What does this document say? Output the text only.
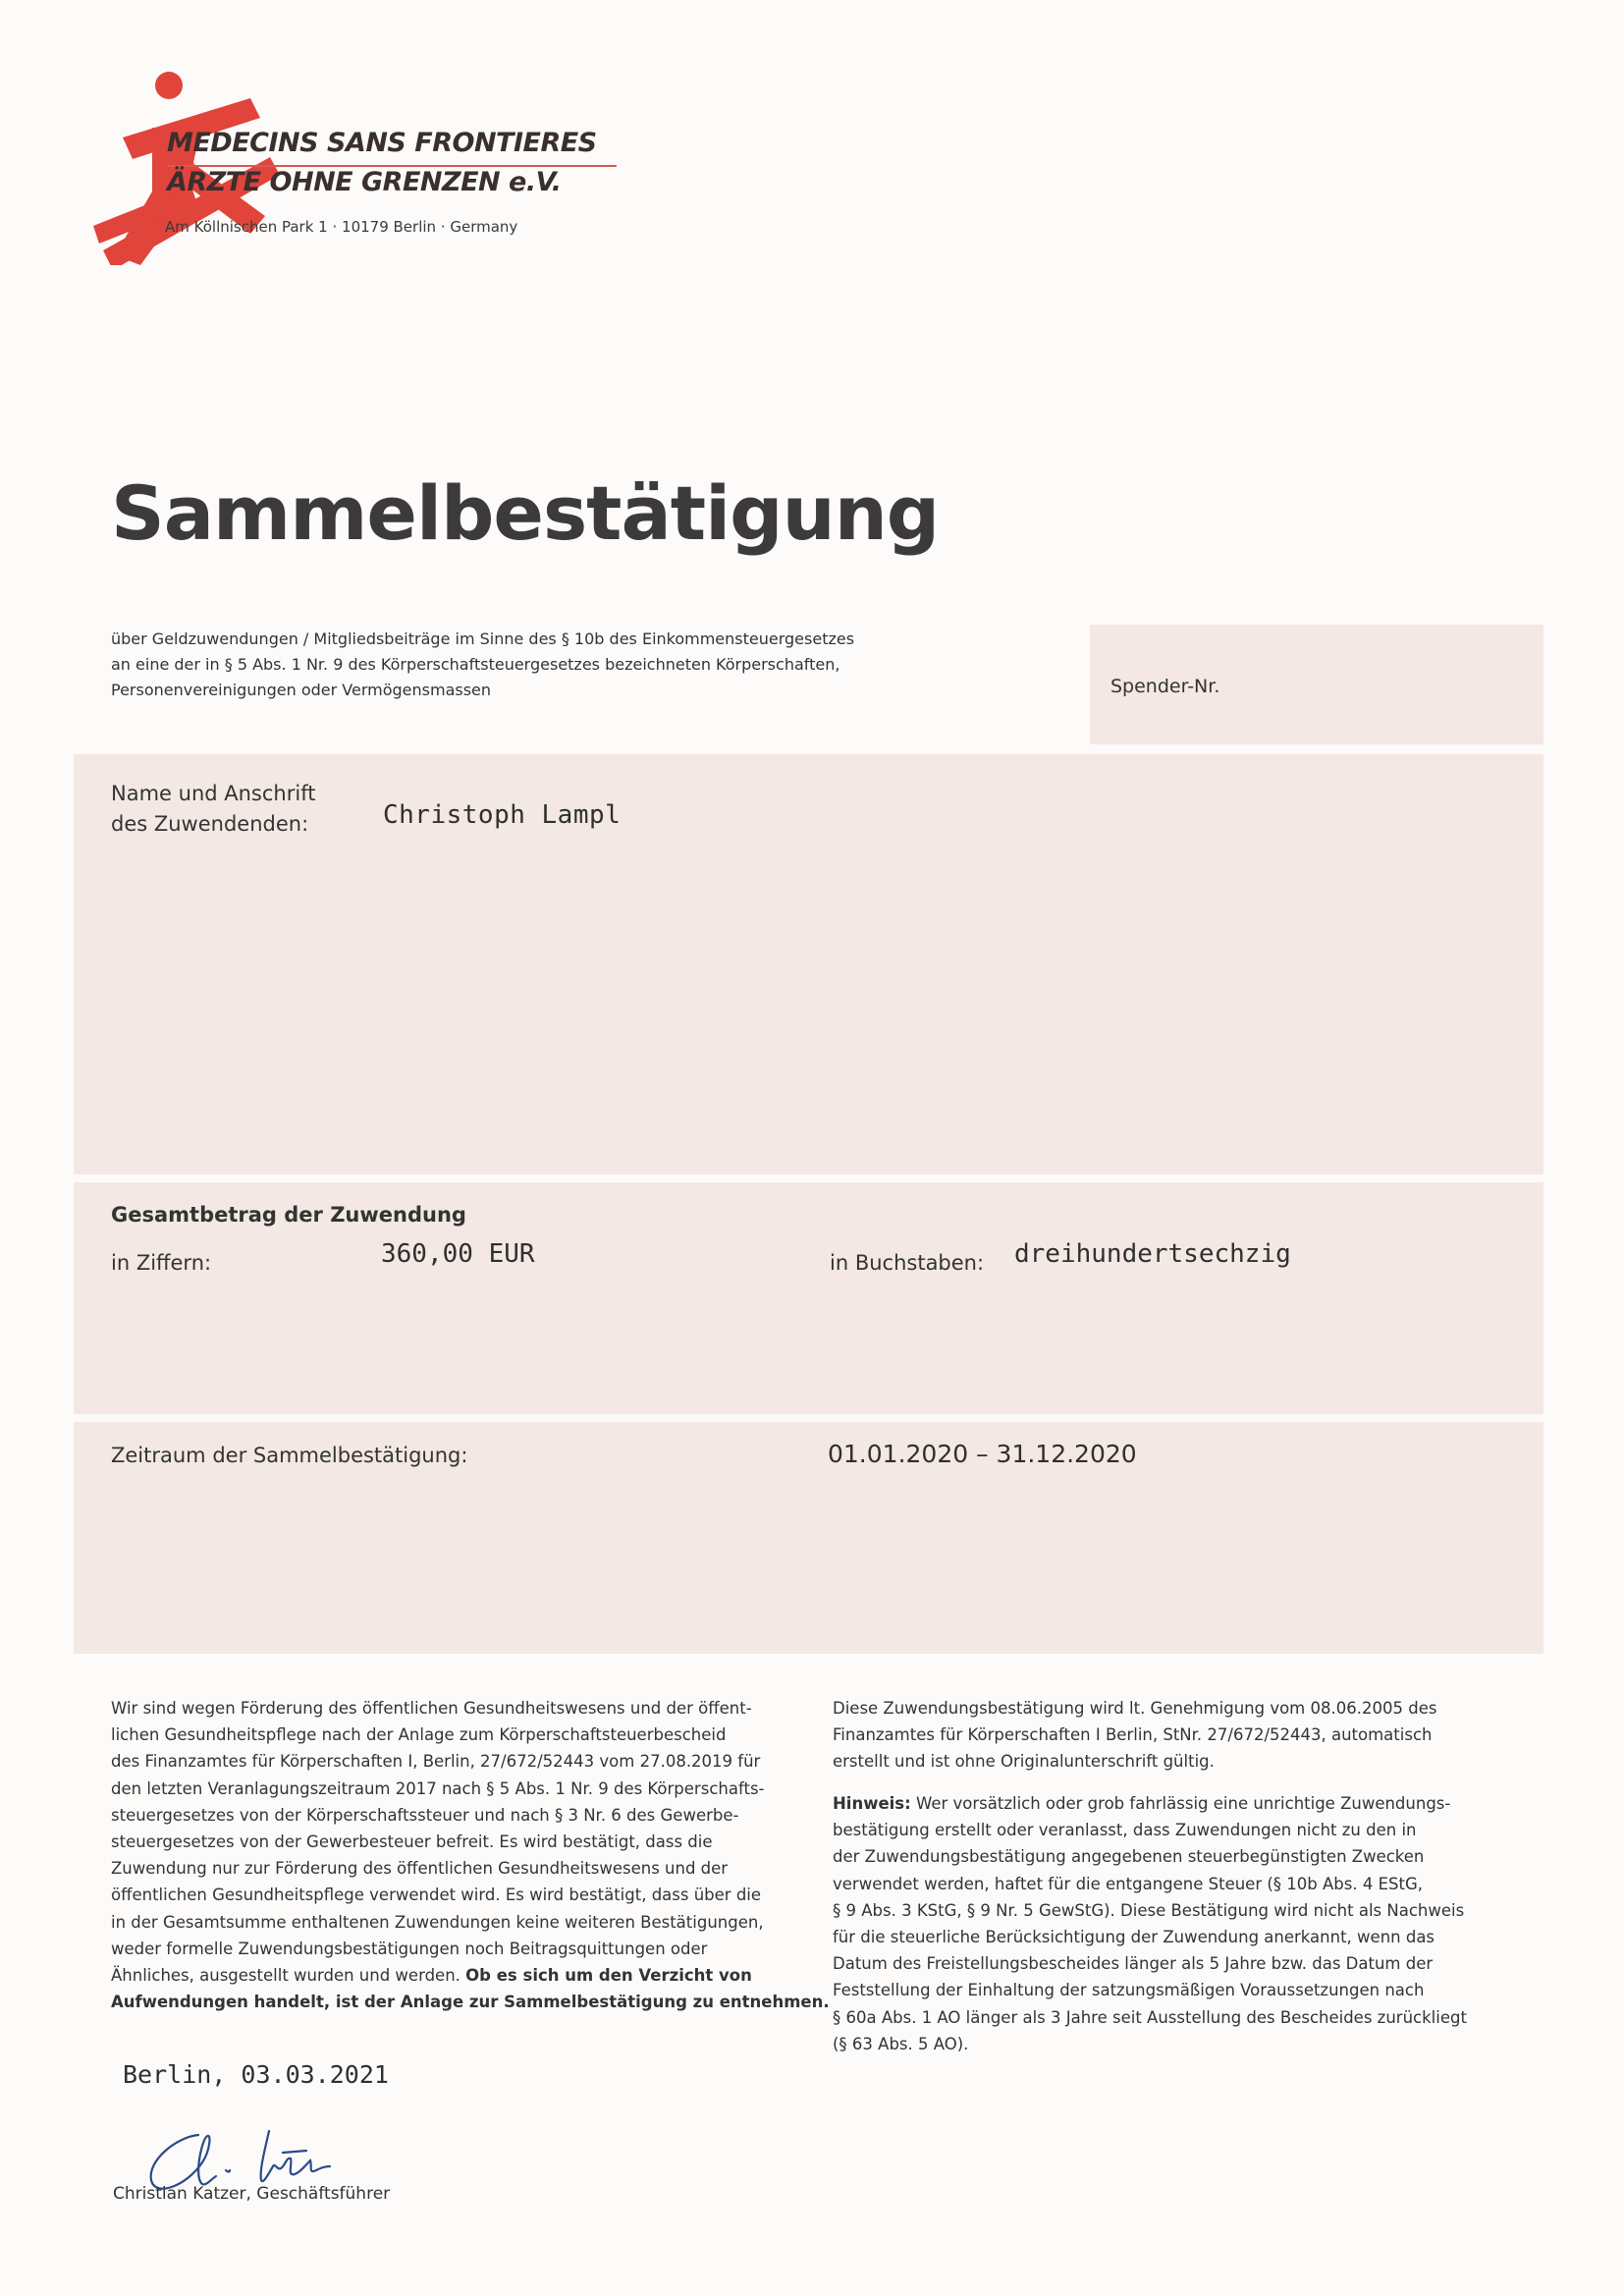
MEDECINS SANS FRONTIERES
ÄRZTE OHNE GRENZEN e.V.
Am Köllnischen Park 1 · 10179 Berlin · Germany
Sammelbestätigung
über Geldzuwendungen / Mitgliedsbeiträge im Sinne des § 10b des Einkommensteuergesetzes
an eine der in § 5 Abs. 1 Nr. 9 des Körperschaftsteuergesetzes bezeichneten Körperschaften,
Personenvereinigungen oder Vermögensmassen	Spender-Nr.
Name und Anschrift
des Zuwendenden:	Christoph Lampl
Gesamtbetrag der Zuwendung
in Ziffern:	360,00 EUR	in Buchstaben: dreihundertsechzig
Zeitraum der Sammelbestätigung:	01.01.2020 – 31.12.2020
Wir sind wegen Förderung des öffentlichen Gesundheitswesens und der öffent-
lichen Gesundheitspflege nach der Anlage zum Körperschaftsteuerbescheid
des Finanzamtes für Körperschaften I, Berlin, 27/672/52443 vom 27.08.2019 für
den letzten Veranlagungszeitraum 2017 nach § 5 Abs. 1 Nr. 9 des Körperschafts-
steuergesetzes von der Körperschaftssteuer und nach § 3 Nr. 6 des Gewerbe-
steuergesetzes von der Gewerbesteuer befreit. Es wird bestätigt, dass die
Zuwendung nur zur Förderung des öffentlichen Gesundheitswesens und der
öffentlichen Gesundheitspflege verwendet wird. Es wird bestätigt, dass über die
in der Gesamtsumme enthaltenen Zuwendungen keine weiteren Bestätigungen,
weder formelle Zuwendungsbestätigungen noch Beitragsquittungen oder
Ähnliches, ausgestellt wurden und werden. Ob es sich um den Verzicht von
Aufwendungen handelt, ist der Anlage zur Sammelbestätigung zu entnehmen.
Diese Zuwendungsbestätigung wird lt. Genehmigung vom 08.06.2005 des
Finanzamtes für Körperschaften I Berlin, StNr. 27/672/52443, automatisch
erstellt und ist ohne Originalunterschrift gültig.
Hinweis: Wer vorsätzlich oder grob fahrlässig eine unrichtige Zuwendungs-
bestätigung erstellt oder veranlasst, dass Zuwendungen nicht zu den in
der Zuwendungsbestätigung angegebenen steuerbegünstigten Zwecken
verwendet werden, haftet für die entgangene Steuer (§ 10b Abs. 4 EStG,
§ 9 Abs. 3 KStG, § 9 Nr. 5 GewStG). Diese Bestätigung wird nicht als Nachweis
für die steuerliche Berücksichtigung der Zuwendung anerkannt, wenn das
Datum des Freistellungsbescheides länger als 5 Jahre bzw. das Datum der
Feststellung der Einhaltung der satzungsmäßigen Voraussetzungen nach
§ 60a Abs. 1 AO länger als 3 Jahre seit Ausstellung des Bescheides zurückliegt
(§ 63 Abs. 5 AO).
Berlin, 03.03.2021
Christian Katzer, Geschäftsführer
